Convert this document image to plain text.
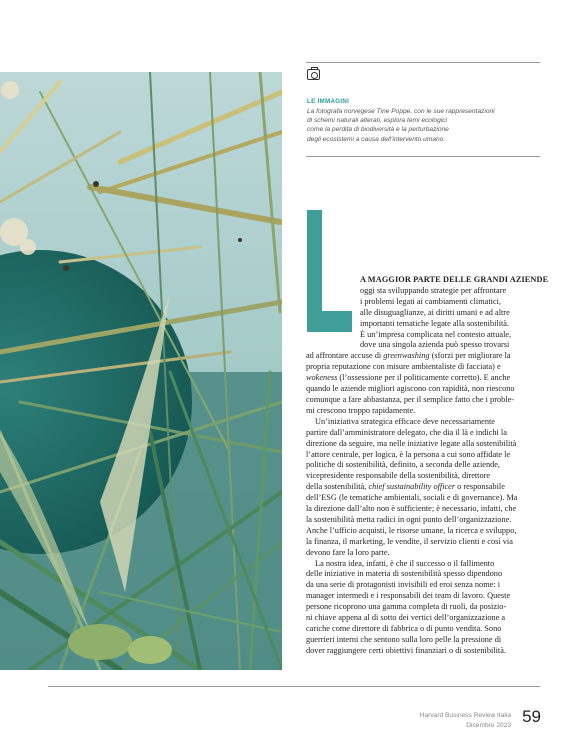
LE IMMAGINI
La fotografa norvegese Tine Poppe, con le sue rappresentazioni
di schemi naturali alterati, esplora temi ecologici
come la perdita di biodiversità e la perturbazione
degli ecosistemi a causa dell’intervento umano.

A MAGGIOR PARTE DELLE GRANDI AZIENDE
oggi sta sviluppando strategie per affrontare
i problemi legati ai cambiamenti climatici,
alle disuguaglianze, ai diritti umani e ad altre
importanti tematiche legate alla sostenibilità.
È un’impresa complicata nel contesto attuale,
dove una singola azienda può spesso trovarsi
ad affrontare accuse di greenwashing (sforzi per migliorare la
propria reputazione con misure ambientaliste di facciata) e
wokeness (l’ossessione per il politicamente corretto). E anche
quando le aziende migliori agiscono con rapidità, non riescono
comunque a fare abbastanza, per il semplice fatto che i proble-
mi crescono troppo rapidamente.

Un’iniziativa strategica efficace deve necessariamente
partire dall’amministratore delegato, che dia il là e indichi la
direzione da seguire, ma nelle iniziative legate alla sostenibilità
l’attore centrale, per logica, è la persona a cui sono affidate le
politiche di sostenibilità, definito, a seconda delle aziende,
vicepresidente responsabile della sostenibilità, direttore
della sostenibilità, chief sustainability officer o responsabile
dell’ESG (le tematiche ambientali, sociali e di governance). Ma
la direzione dall’alto non è sufficiente; è necessario, infatti, che
la sostenibilità metta radici in ogni punto dell’organizzazione.
Anche l’ufficio acquisti, le risorse umane, la ricerca e sviluppo,
la finanza, il marketing, le vendite, il servizio clienti e così via
devono fare la loro parte.

La nostra idea, infatti, è che il successo o il fallimento
delle iniziative in materia di sostenibilità spesso dipendono
da una serie di protagonisti invisibili ed eroi senza nome: i
manager intermedi e i responsabili dei team di lavoro. Queste
persone ricoprono una gamma completa di ruoli, da posizio-
ni chiave appena al di sotto dei vertici dell’organizzazione a
cariche come direttore di fabbrica o di punto vendita. Sono
guerrieri interni che sentono sulla loro pelle la pressione di
dover raggiungere certi obiettivi finanziari o di sostenibilità.

Harvard Business Review Italia
Dicembre 2023 59
